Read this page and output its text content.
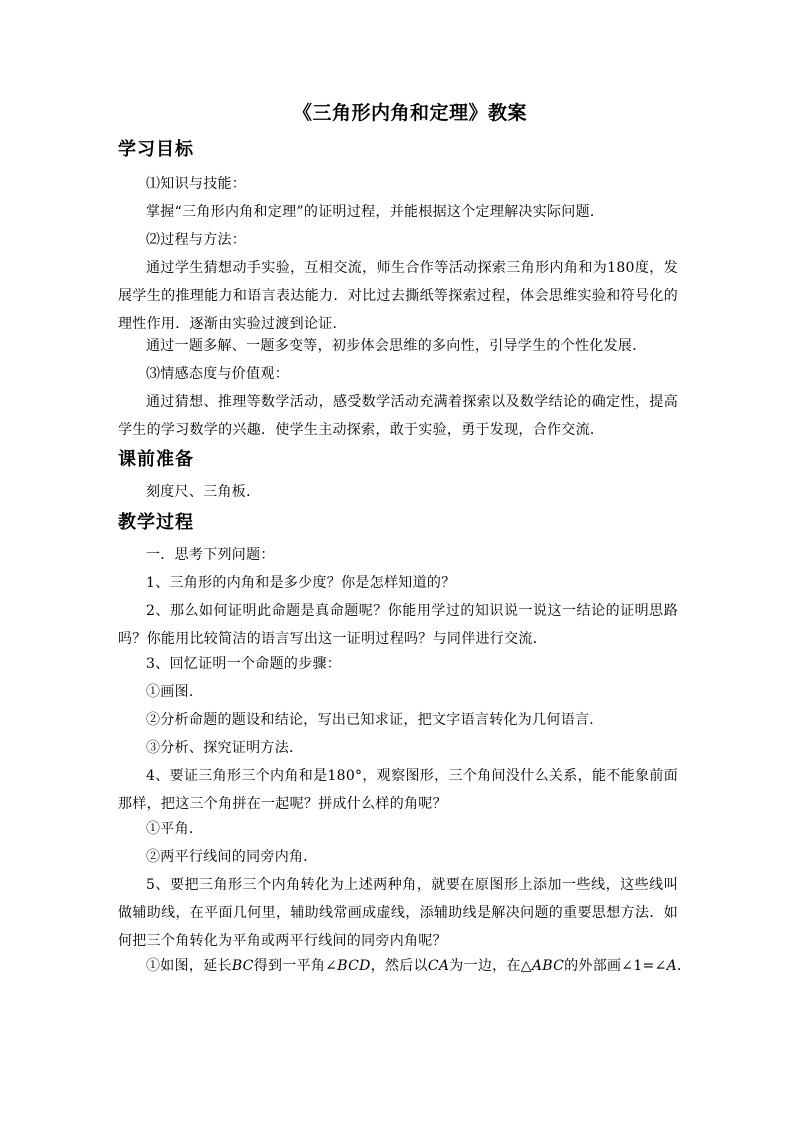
《三角形内角和定理》教案
学习目标
⑴知识与技能：
掌握“三角形内角和定理”的证明过程，并能根据这个定理解决实际问题．
⑵过程与方法：
通过学生猜想动手实验，互相交流，师生合作等活动探索三角形内角和为180度，发展学生的推理能力和语言表达能力．对比过去撕纸等探索过程，体会思维实验和符号化的理性作用．逐渐由实验过渡到论证．
通过一题多解、一题多变等，初步体会思维的多向性，引导学生的个性化发展．
⑶情感态度与价值观：
通过猜想、推理等数学活动，感受数学活动充满着探索以及数学结论的确定性，提高学生的学习数学的兴趣．使学生主动探索，敢于实验，勇于发现，合作交流．
课前准备
刻度尺、三角板．
教学过程
一．思考下列问题：
1、三角形的内角和是多少度？你是怎样知道的？
2、那么如何证明此命题是真命题呢？你能用学过的知识说一说这一结论的证明思路吗？你能用比较简洁的语言写出这一证明过程吗？与同伴进行交流．
3、回忆证明一个命题的步骤：
①画图．
②分析命题的题设和结论，写出已知求证，把文字语言转化为几何语言．
③分析、探究证明方法．
4、要证三角形三个内角和是180°，观察图形，三个角间没什么关系，能不能象前面那样，把这三个角拼在一起呢？拼成什么样的角呢？
①平角．
②两平行线间的同旁内角．
5、要把三角形三个内角转化为上述两种角，就要在原图形上添加一些线，这些线叫做辅助线，在平面几何里，辅助线常画成虚线，添辅助线是解决问题的重要思想方法．如何把三个角转化为平角或两平行线间的同旁内角呢？
①如图，延长BC得到一平角∠BCD，然后以CA为一边，在△ABC的外部画∠1=∠A．
